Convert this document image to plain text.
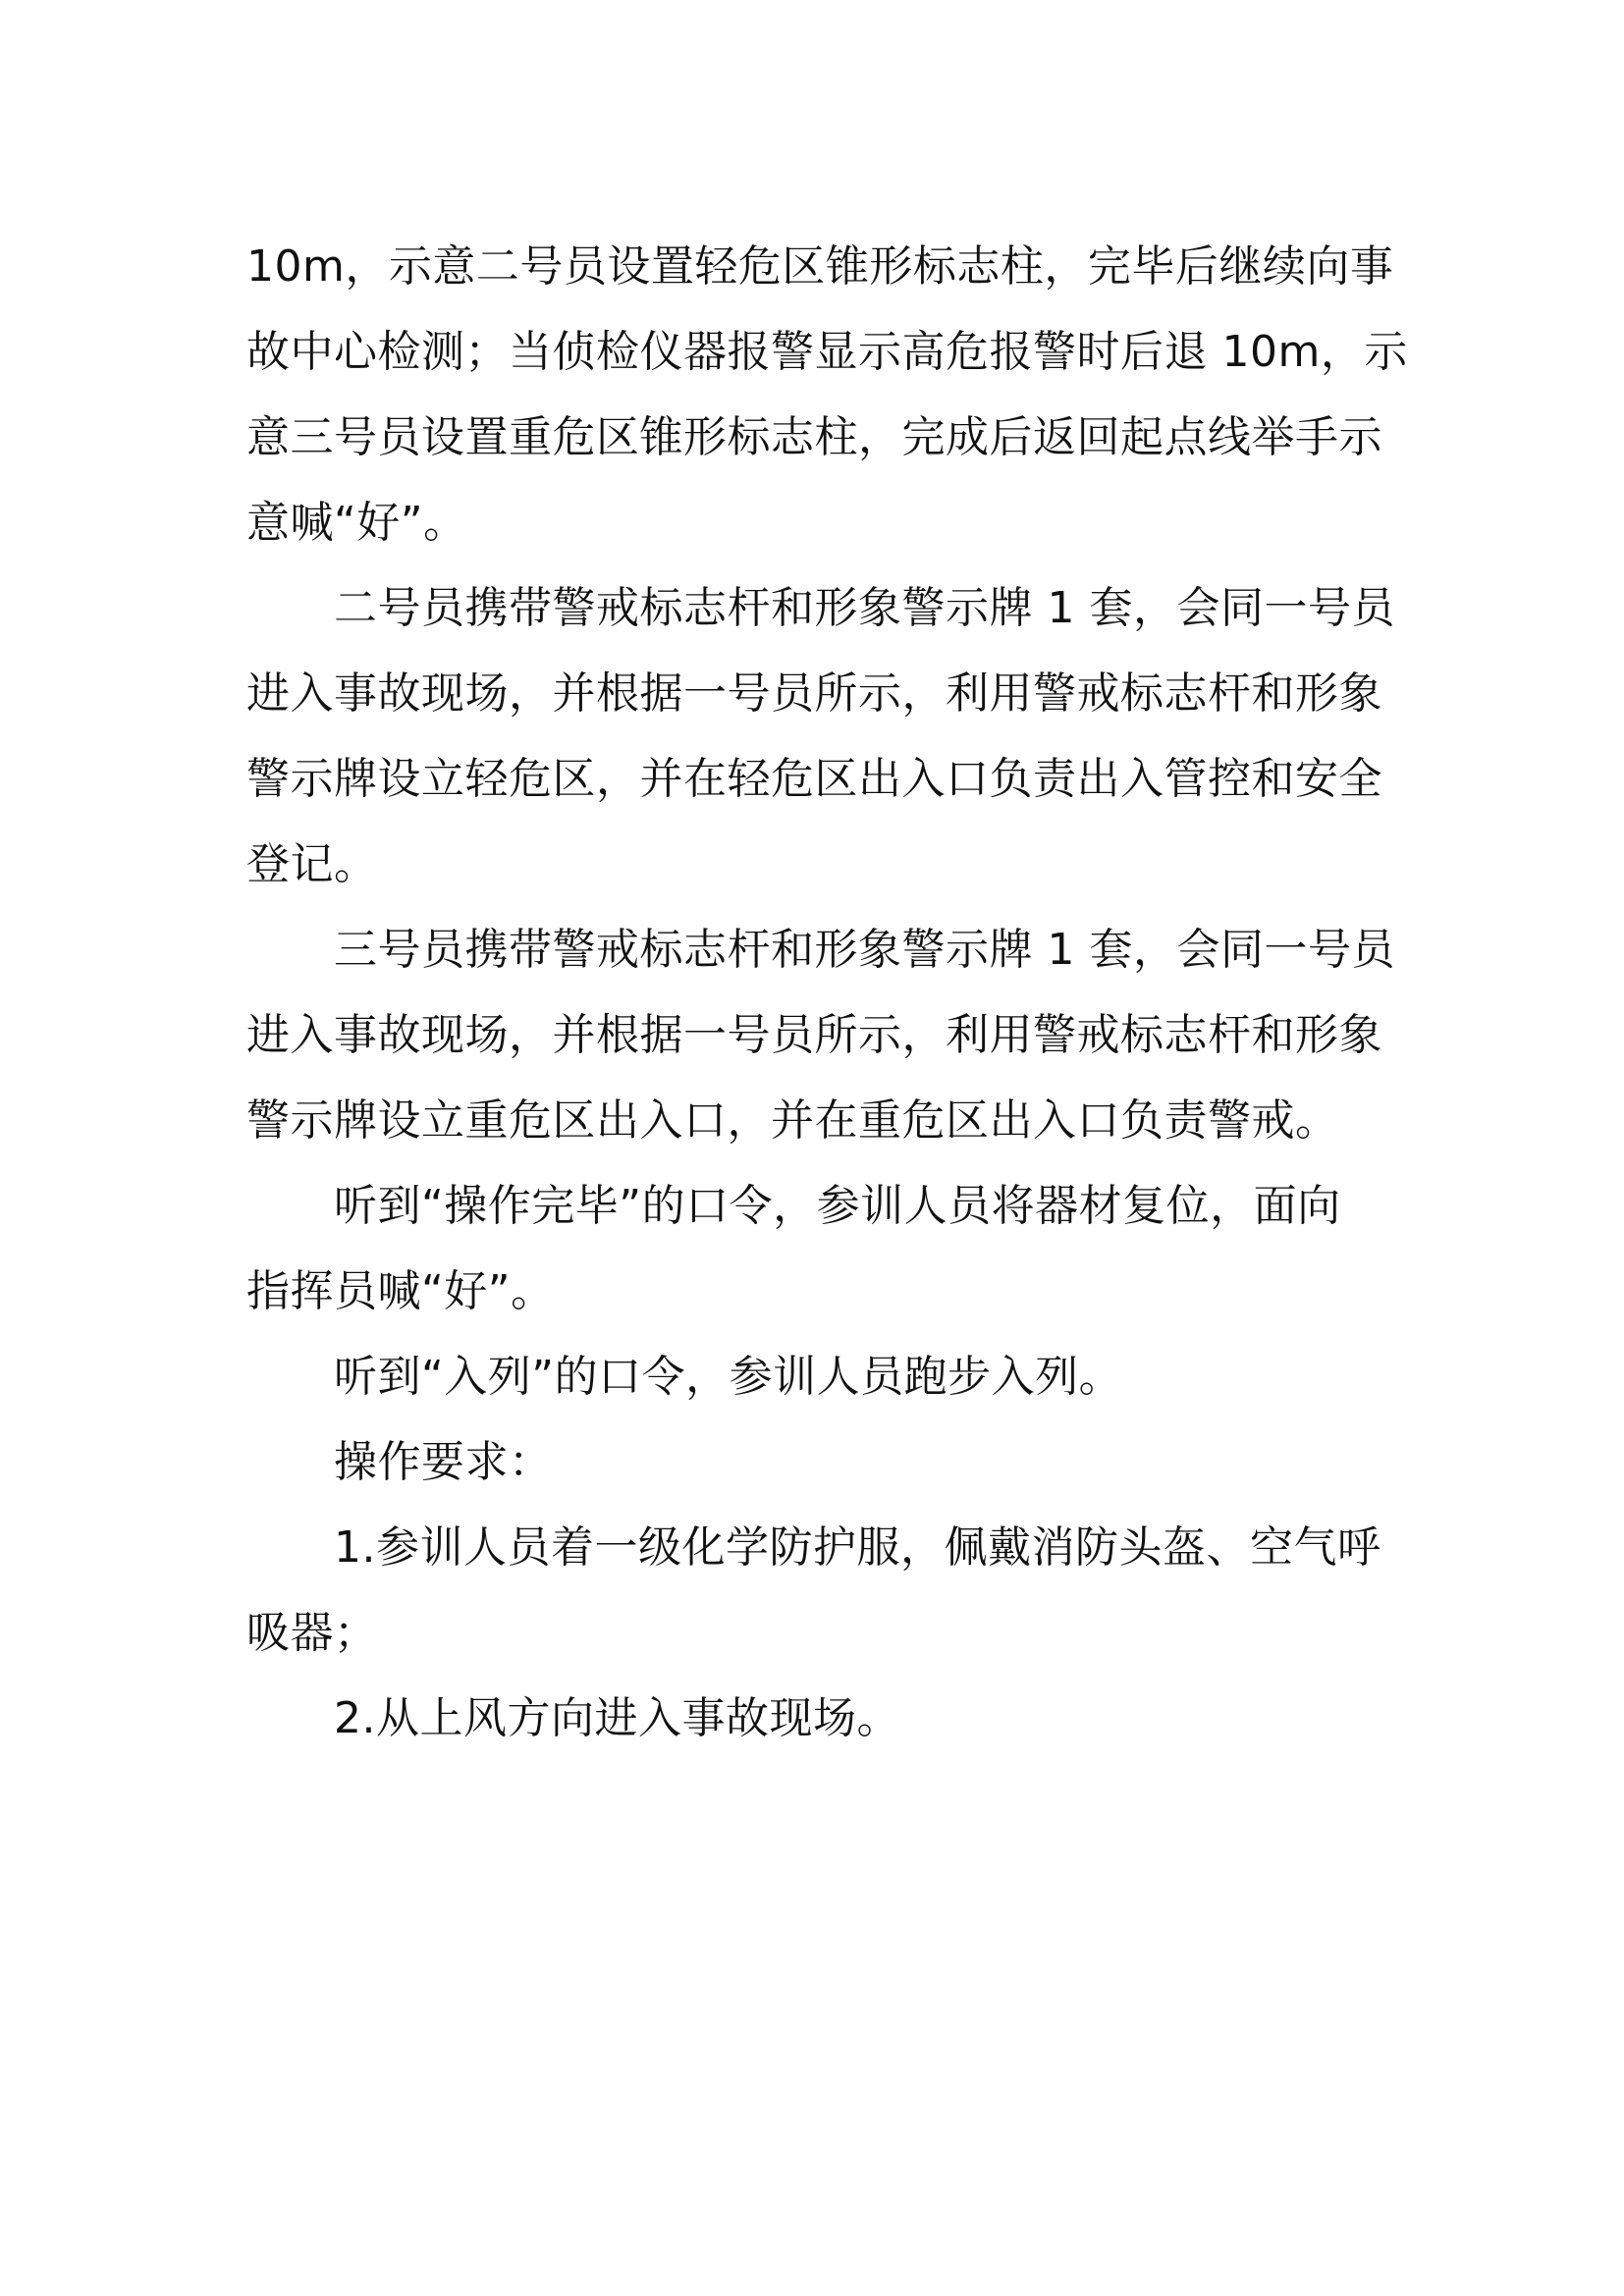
10m，示意二号员设置轻危区锥形标志柱，完毕后继续向事
故中心检测；当侦检仪器报警显示高危报警时后退 10m，示
意三号员设置重危区锥形标志柱，完成后返回起点线举手示
意喊“好”。
二号员携带警戒标志杆和形象警示牌 1 套，会同一号员
进入事故现场，并根据一号员所示，利用警戒标志杆和形象
警示牌设立轻危区，并在轻危区出入口负责出入管控和安全
登记。
三号员携带警戒标志杆和形象警示牌 1 套，会同一号员
进入事故现场，并根据一号员所示，利用警戒标志杆和形象
警示牌设立重危区出入口，并在重危区出入口负责警戒。
听到“操作完毕”的口令，参训人员将器材复位，面向
指挥员喊“好”。
听到“入列”的口令，参训人员跑步入列。
操作要求：
1.参训人员着一级化学防护服，佩戴消防头盔、空气呼
吸器；
2.从上风方向进入事故现场。
